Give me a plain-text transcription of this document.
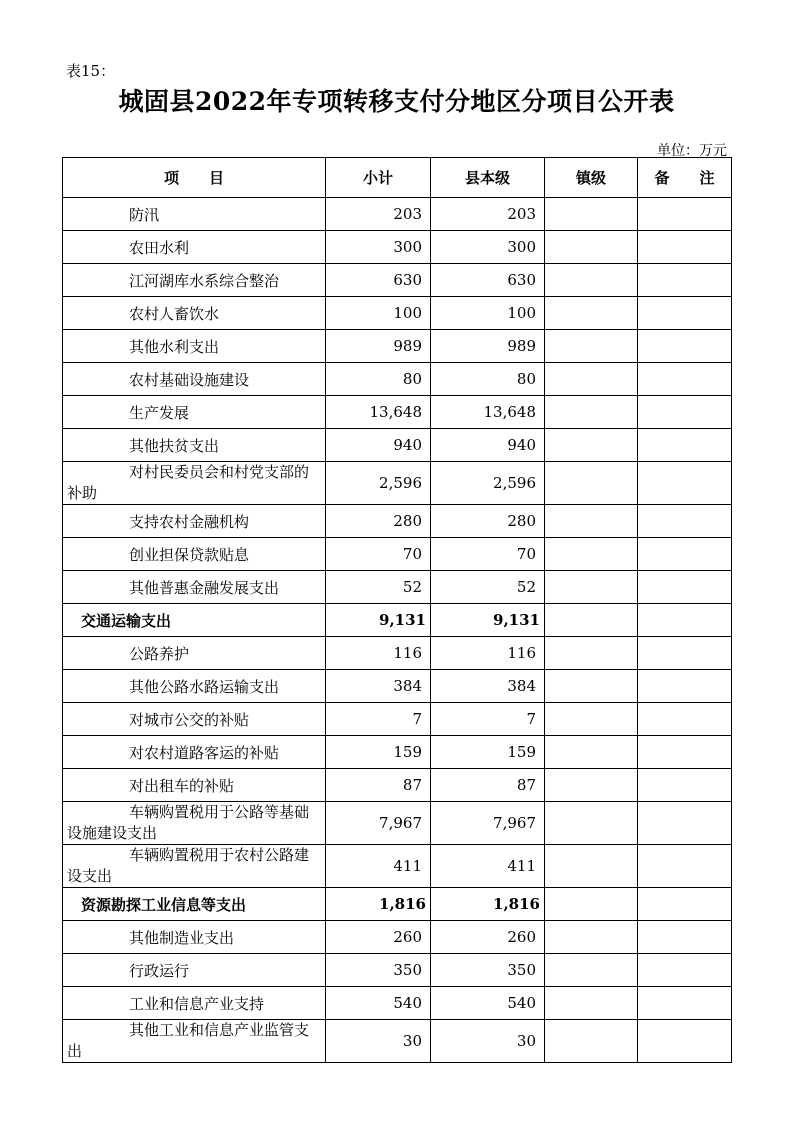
表15：
城固县2022年专项转移支付分地区分项目公开表
单位：万元
项　　目	小计	县本级	镇级	备　　注
防汛	203	203		
农田水利	300	300		
江河湖库水系综合整治	630	630		
农村人畜饮水	100	100		
其他水利支出	989	989		
农村基础设施建设	80	80		
生产发展	13,648	13,648		
其他扶贫支出	940	940		

对村民委员会和村党支部的
补助	2,596	2,596		
支持农村金融机构	280	280		
创业担保贷款贴息	70	70		
其他普惠金融发展支出	52	52		
交通运输支出	9,131	9,131		
公路养护	116	116		
其他公路水路运输支出	384	384		
对城市公交的补贴	7	7		
对农村道路客运的补贴	159	159		
对出租车的补贴	87	87		

车辆购置税用于公路等基础
设施建设支出	7,967	7,967		

车辆购置税用于农村公路建
设支出	411	411		
资源勘探工业信息等支出	1,816	1,816		
其他制造业支出	260	260		
行政运行	350	350		
工业和信息产业支持	540	540		

其他工业和信息产业监管支
出	30	30		
